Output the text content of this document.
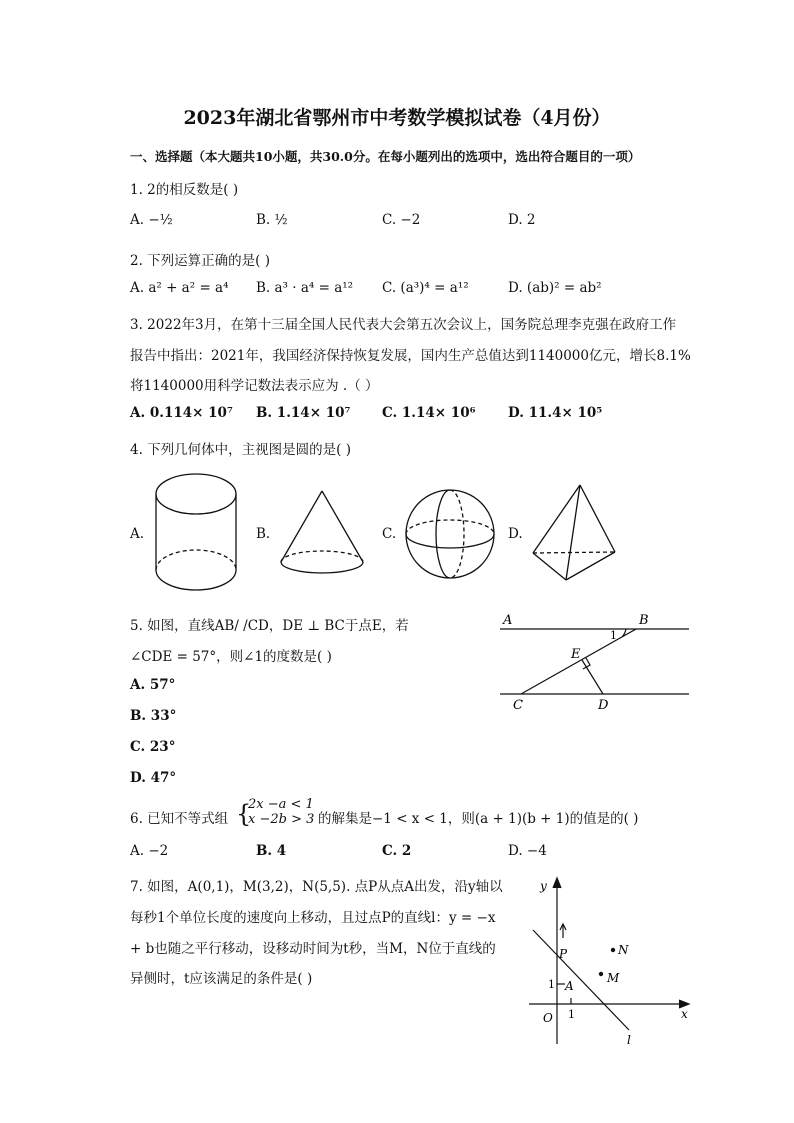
2023年湖北省鄂州市中考数学模拟试卷（4月份）
一、选择题（本大题共10小题，共30.0分。在每小题列出的选项中，选出符合题目的一项）
1. 2的相反数是( )
A. −½	B. ½	C. −2	D. 2
2. 下列运算正确的是( )
A. a² + a² = a⁴ B. a³ · a⁴ = a¹² C. (a³)⁴ = a¹²	D. (ab)² = ab²
3. 2022年3月，在第十三届全国人民代表大会第五次会议上，国务院总理李克强在政府工作
报告中指出：2021年，我国经济保持恢复发展，国内生产总值达到1140000亿元，增长8.1%
将1140000用科学记数法表示应为 .（ ）
A. 0.114× 10⁷ B. 1.14× 10⁷ C. 1.14× 10⁶ D. 11.4× 10⁵
4. 下列几何体中，主视图是圆的是( )
A.	B.	C.	D.
5. 如图，直线AB/ /CD，DE ⊥ BC于点E，若
∠CDE = 57°，则∠1的度数是( )
A. 57°
B. 33°
C. 23°
D. 47°
A	B
C	D
E
1
6. 已知不等式组 {
2x −a < 1
x −2b > 3 的解集是−1 < x < 1，则(a + 1)(b + 1)的值是的( )
A. −2	B. 4	C. 2	D. −4
7. 如图，A(0,1)，M(3,2)，N(5,5). 点P从点A出发，沿y轴以
每秒1个单位长度的速度向上移动，且过点P的直线l：y = −x
+ b也随之平行移动，设移动时间为t秒，当M，N位于直线的
异侧时，t应该满足的条件是( )
y
x
O
P
A
N
M
l
1
1
